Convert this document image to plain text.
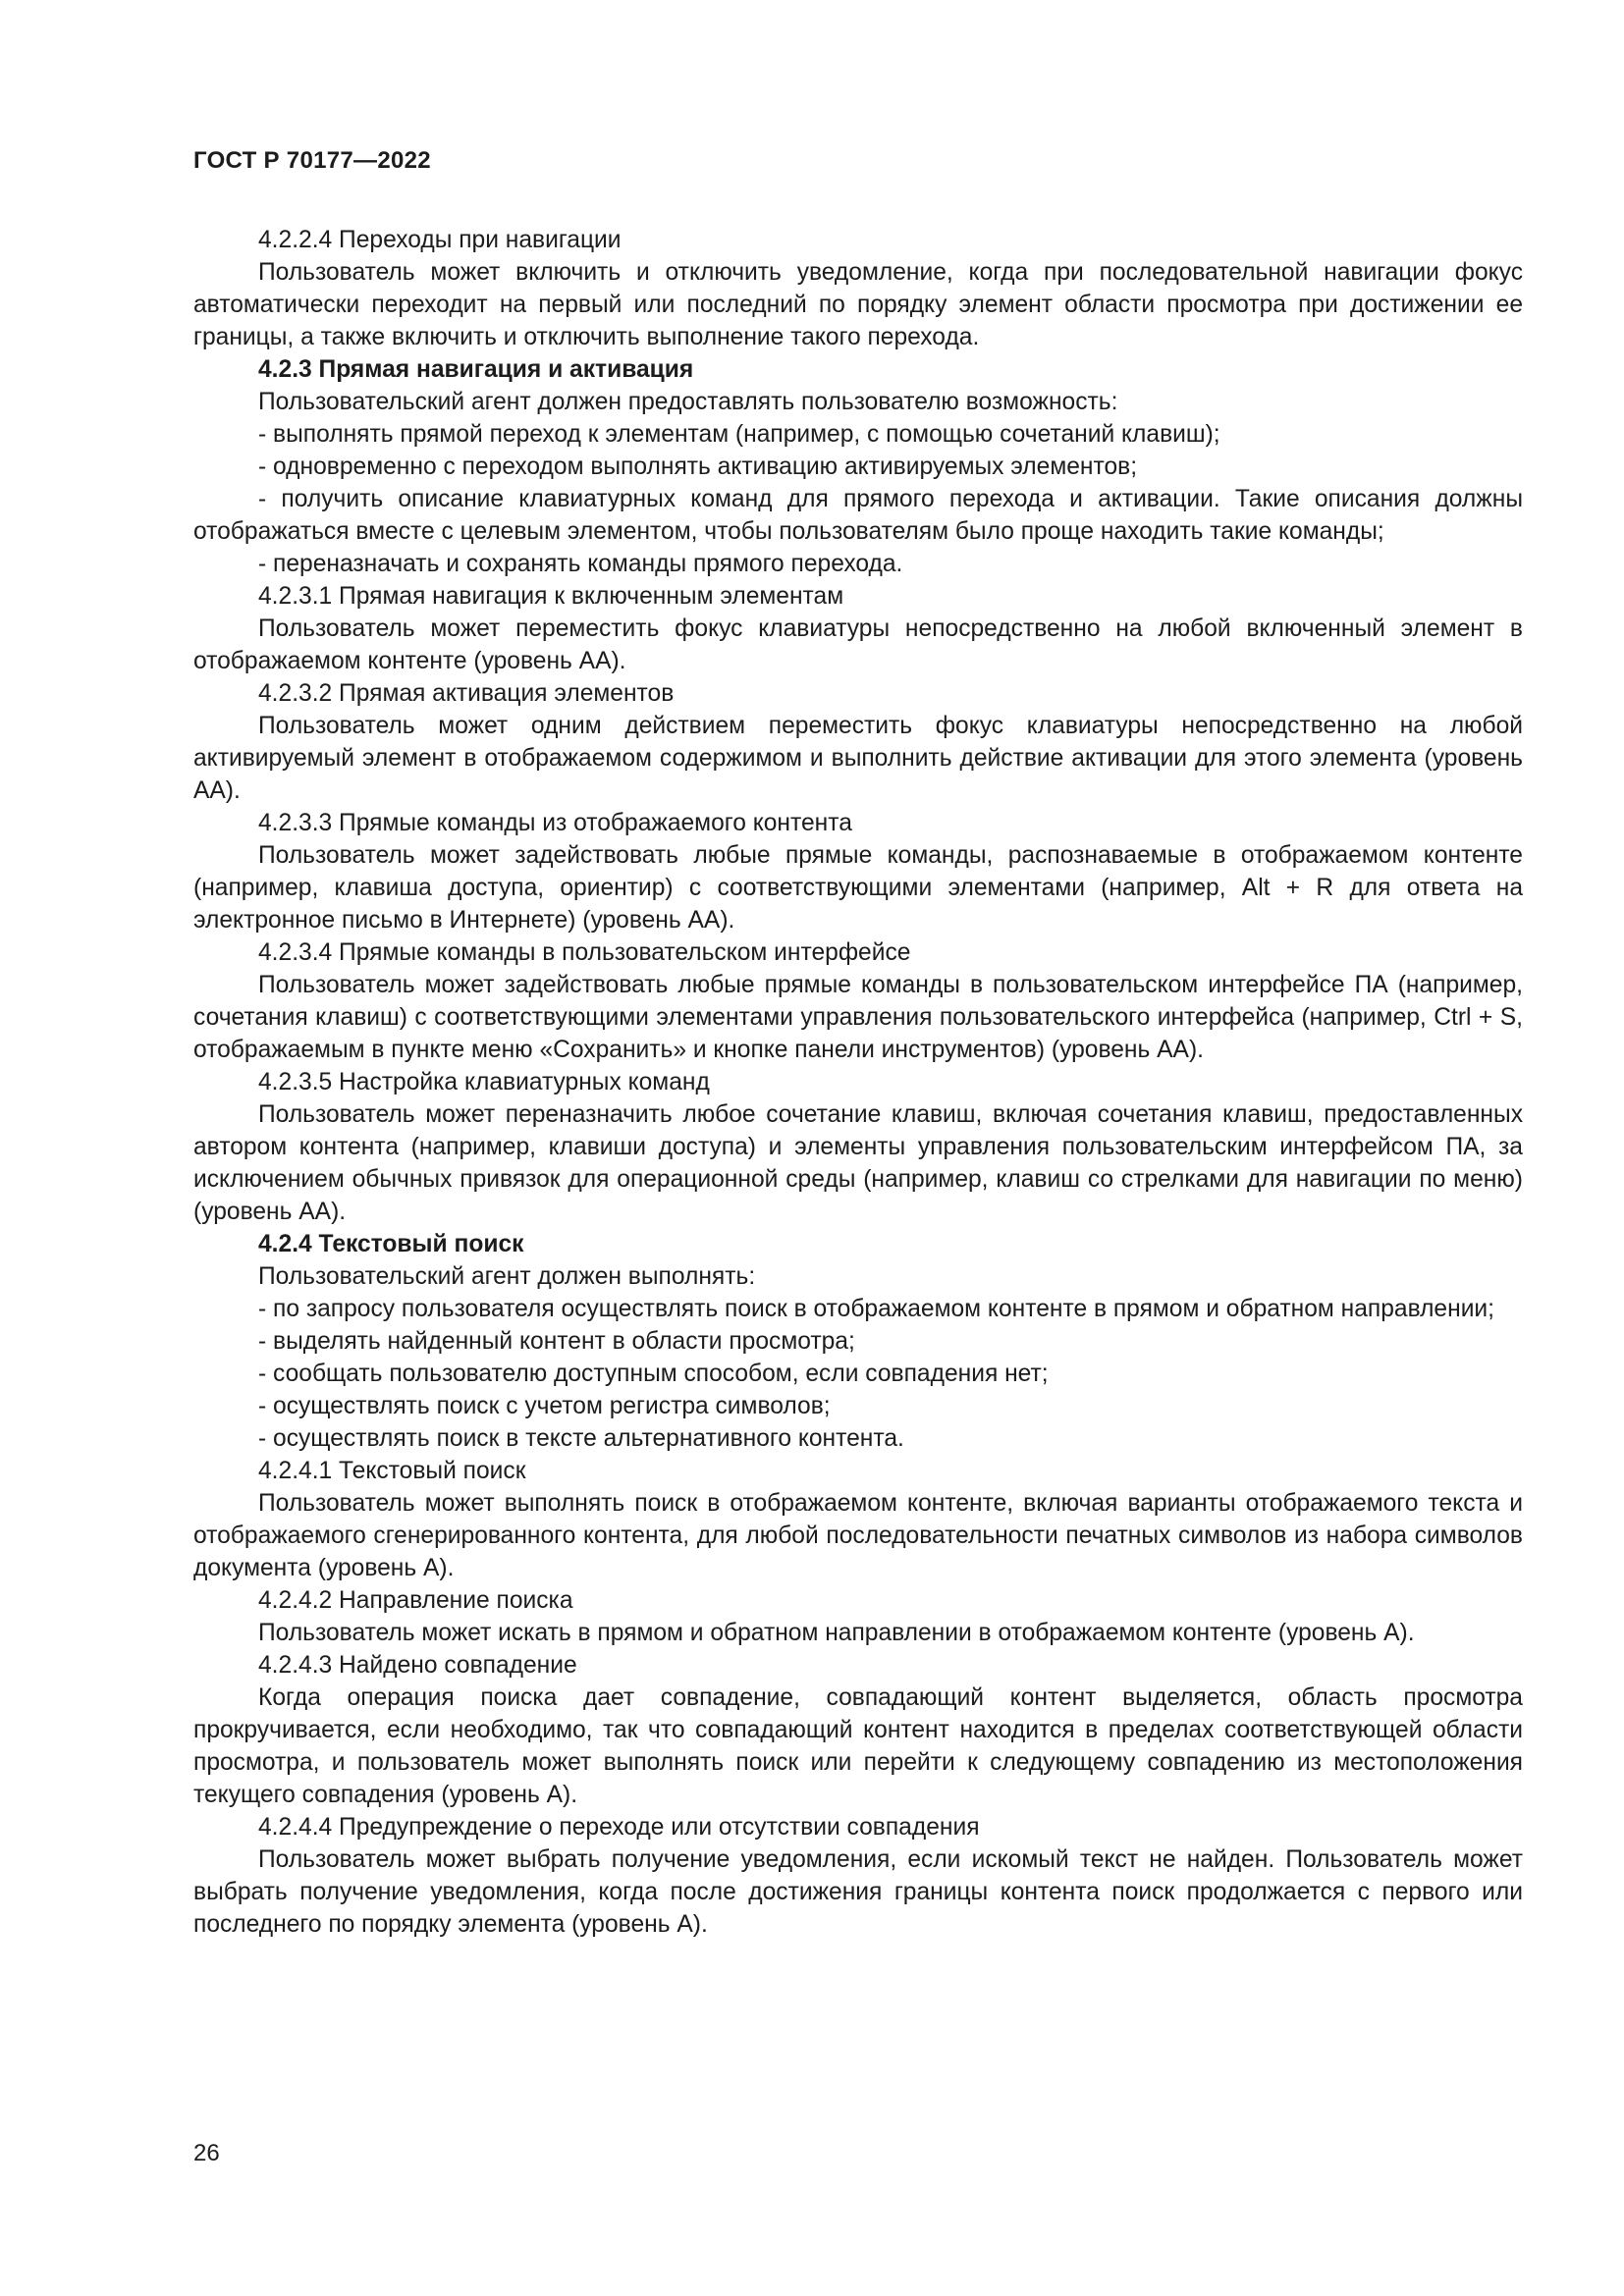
ГОСТ Р 70177—2022

4.2.2.4 Переходы при навигации

Пользователь может включить и отключить уведомление, когда при последовательной навигации фокус автоматически переходит на первый или последний по порядку элемент области просмотра при достижении ее границы, а также включить и отключить выполнение такого перехода.

4.2.3 Прямая навигация и активация

Пользовательский агент должен предоставлять пользователю возможность:

- выполнять прямой переход к элементам (например, с помощью сочетаний клавиш);

- одновременно с переходом выполнять активацию активируемых элементов;

- получить описание клавиатурных команд для прямого перехода и активации. Такие описания должны отображаться вместе с целевым элементом, чтобы пользователям было проще находить такие команды;

- переназначать и сохранять команды прямого перехода.

4.2.3.1 Прямая навигация к включенным элементам

Пользователь может переместить фокус клавиатуры непосредственно на любой включенный элемент в отображаемом контенте (уровень АА).

4.2.3.2 Прямая активация элементов

Пользователь может одним действием переместить фокус клавиатуры непосредственно на любой активируемый элемент в отображаемом содержимом и выполнить действие активации для этого элемента (уровень АА).

4.2.3.3 Прямые команды из отображаемого контента

Пользователь может задействовать любые прямые команды, распознаваемые в отображаемом контенте (например, клавиша доступа, ориентир) с соответствующими элементами (например, Alt + R для ответа на электронное письмо в Интернете) (уровень АА).

4.2.3.4 Прямые команды в пользовательском интерфейсе

Пользователь может задействовать любые прямые команды в пользовательском интерфейсе ПА (например, сочетания клавиш) с соответствующими элементами управления пользовательского интерфейса (например, Ctrl + S, отображаемым в пункте меню «Сохранить» и кнопке панели инструментов) (уровень АА).

4.2.3.5 Настройка клавиатурных команд

Пользователь может переназначить любое сочетание клавиш, включая сочетания клавиш, предоставленных автором контента (например, клавиши доступа) и элементы управления пользовательским интерфейсом ПА, за исключением обычных привязок для операционной среды (например, клавиш со стрелками для навигации по меню) (уровень АА).

4.2.4 Текстовый поиск

Пользовательский агент должен выполнять:

- по запросу пользователя осуществлять поиск в отображаемом контенте в прямом и обратном направлении;

- выделять найденный контент в области просмотра;

- сообщать пользователю доступным способом, если совпадения нет;

- осуществлять поиск с учетом регистра символов;

- осуществлять поиск в тексте альтернативного контента.

4.2.4.1 Текстовый поиск

Пользователь может выполнять поиск в отображаемом контенте, включая варианты отображаемого текста и отображаемого сгенерированного контента, для любой последовательности печатных символов из набора символов документа (уровень А).

4.2.4.2 Направление поиска

Пользователь может искать в прямом и обратном направлении в отображаемом контенте (уровень А).

4.2.4.3 Найдено совпадение

Когда операция поиска дает совпадение, совпадающий контент выделяется, область просмотра прокручивается, если необходимо, так что совпадающий контент находится в пределах соответствующей области просмотра, и пользователь может выполнять поиск или перейти к следующему совпадению из местоположения текущего совпадения (уровень А).

4.2.4.4 Предупреждение о переходе или отсутствии совпадения

Пользователь может выбрать получение уведомления, если искомый текст не найден. Пользователь может выбрать получение уведомления, когда после достижения границы контента поиск продолжается с первого или последнего по порядку элемента (уровень А).

26
